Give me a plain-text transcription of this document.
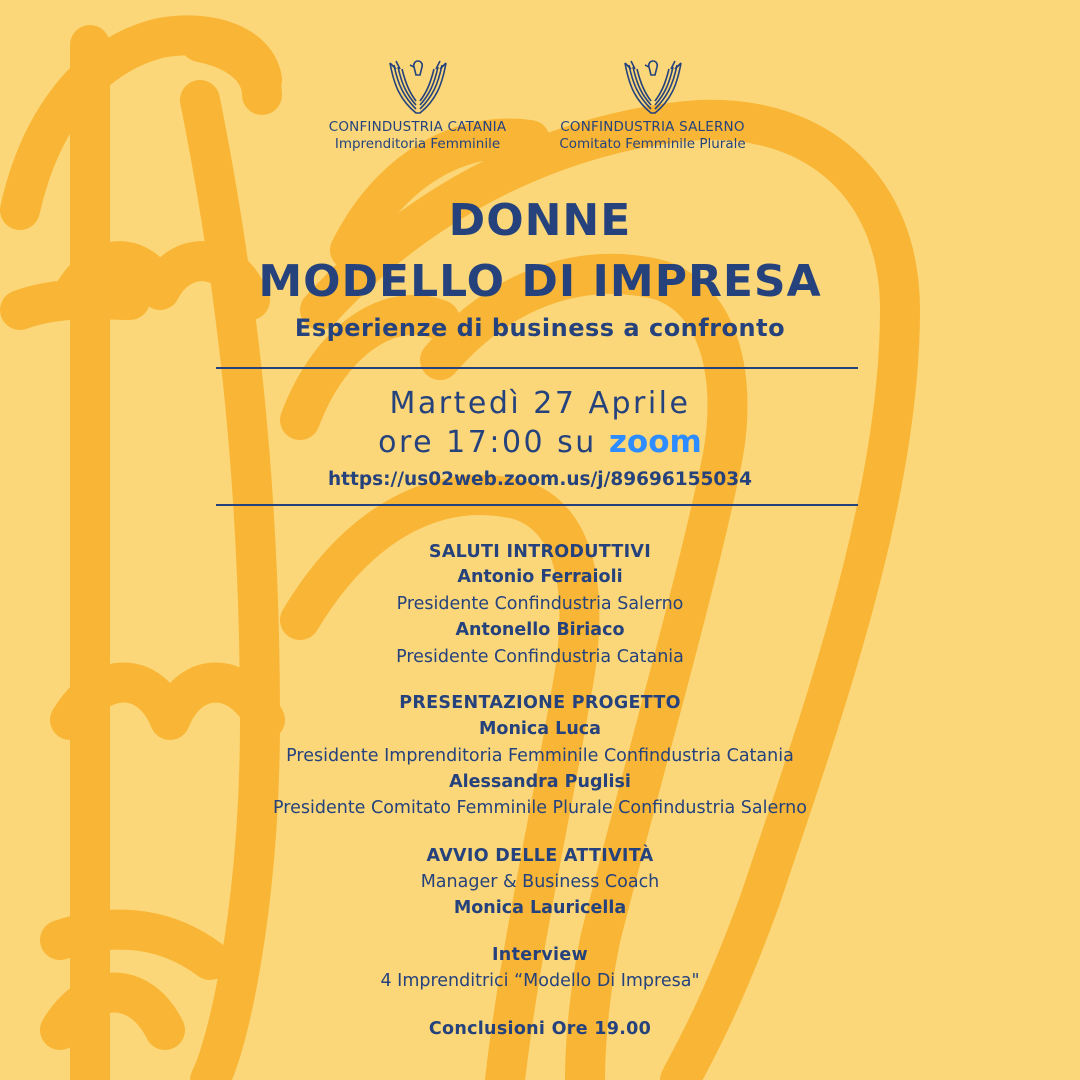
CONFINDUSTRIA CATANIA
Imprenditoria Femminile
CONFINDUSTRIA SALERNO
Comitato Femminile Plurale
DONNE
MODELLO DI IMPRESA
Esperienze di business a confronto
Martedì 27 Aprile
ore 17:00 su zoom
https://us02web.zoom.us/j/89696155034
SALUTI INTRODUTTIVI
Antonio Ferraioli
Presidente Confindustria Salerno
Antonello Biriaco
Presidente Confindustria Catania
PRESENTAZIONE PROGETTO
Monica Luca
Presidente Imprenditoria Femminile Confindustria Catania
Alessandra Puglisi
Presidente Comitato Femminile Plurale Confindustria Salerno
AVVIO DELLE ATTIVITÀ
Manager & Business Coach
Monica Lauricella
Interview
4 Imprenditrici “Modello Di Impresa"
Conclusioni Ore 19.00
